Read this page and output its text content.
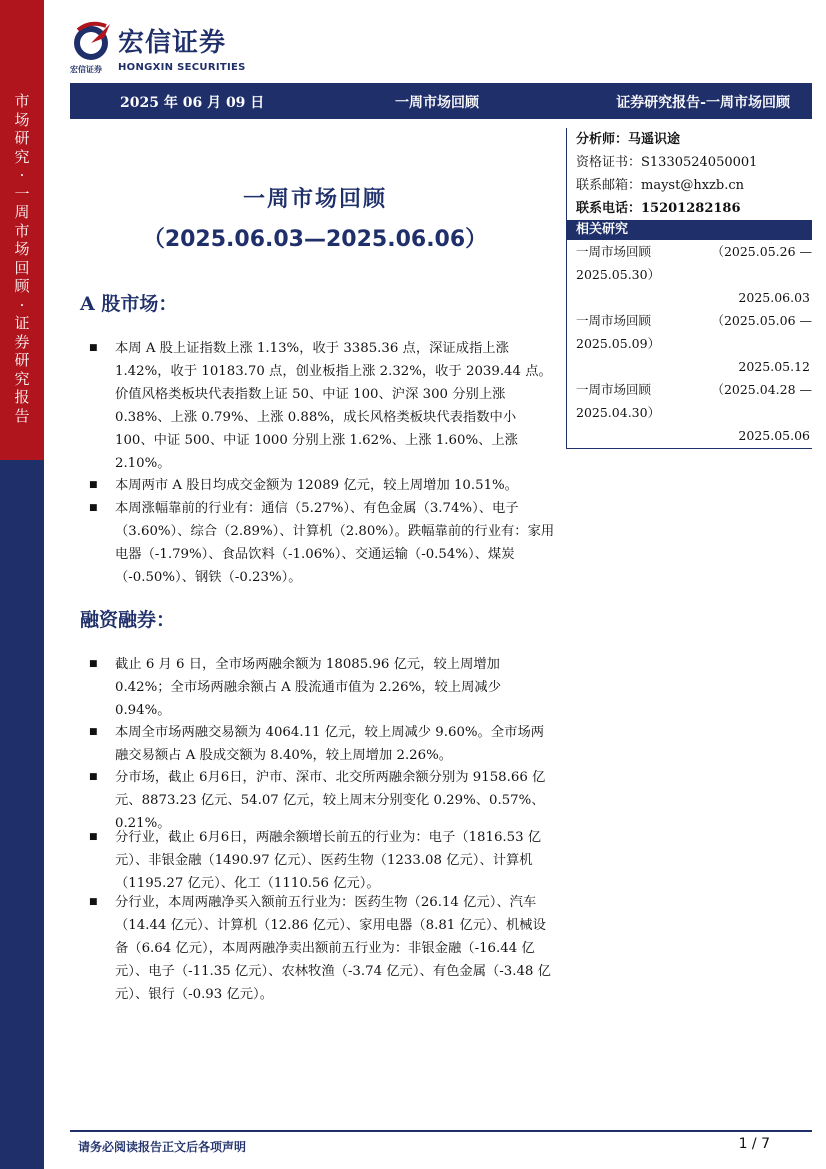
市场研究·一周市场回顾·证券研究报告
宏信证券
宏信证券 HONGXIN SECURITIES
2025 年 06 月 09 日	一周市场回顾	证券研究报告-一周市场回顾
分析师：马遥识途
资格证书：S1330524050001
联系邮箱：mayst@hxzb.cn
联系电话：15201282186
相关研究
一周市场回顾	（2025.05.26 —
2025.05.30）
2025.06.03
一周市场回顾	（2025.05.06 —
2025.05.09）
2025.05.12
一周市场回顾	（2025.04.28 —
2025.04.30）
2025.05.06
一周市场回顾
（2025.06.03—2025.06.06）
A 股市场：
■ 本周 A 股上证指数上涨 1.13%，收于 3385.36 点，深证成指上涨 1.42%，收于 10183.70 点，创业板指上涨 2.32%，收于 2039.44 点。价值风格类板块代表指数上证 50、中证 100、沪深 300 分别上涨 0.38%、上涨 0.79%、上涨 0.88%，成长风格类板块代表指数中小 100、中证 500、中证 1000 分别上涨 1.62%、上涨 1.60%、上涨 2.10%。
■ 本周两市 A 股日均成交金额为 12089 亿元，较上周增加 10.51%。
■ 本周涨幅靠前的行业有：通信（5.27%）、有色金属（3.74%）、电子（3.60%）、综合（2.89%）、计算机（2.80%）。跌幅靠前的行业有：家用电器（-1.79%）、食品饮料（-1.06%）、交通运输（-0.54%）、煤炭（-0.50%）、钢铁（-0.23%）。
融资融券：
■ 截止 6 月 6 日，全市场两融余额为 18085.96 亿元，较上周增加 0.42%；全市场两融余额占 A 股流通市值为 2.26%，较上周减少 0.94%。
■ 本周全市场两融交易额为 4064.11 亿元，较上周减少 9.60%。全市场两融交易额占 A 股成交额为 8.40%，较上周增加 2.26%。
■ 分市场，截止 6月6日，沪市、深市、北交所两融余额分别为 9158.66 亿元、8873.23 亿元、54.07 亿元，较上周末分别变化 0.29%、0.57%、0.21%。
■ 分行业，截止 6月6日，两融余额增长前五的行业为：电子（1816.53 亿元）、非银金融（1490.97 亿元）、医药生物（1233.08 亿元）、计算机（1195.27 亿元）、化工（1110.56 亿元）。
■ 分行业，本周两融净买入额前五行业为：医药生物（26.14 亿元）、汽车（14.44 亿元）、计算机（12.86 亿元）、家用电器（8.81 亿元）、机械设备（6.64 亿元），本周两融净卖出额前五行业为：非银金融（-16.44 亿元）、电子（-11.35 亿元）、农林牧渔（-3.74 亿元）、有色金属（-3.48 亿元）、银行（-0.93 亿元）。
请务必阅读报告正文后各项声明	1 / 7
